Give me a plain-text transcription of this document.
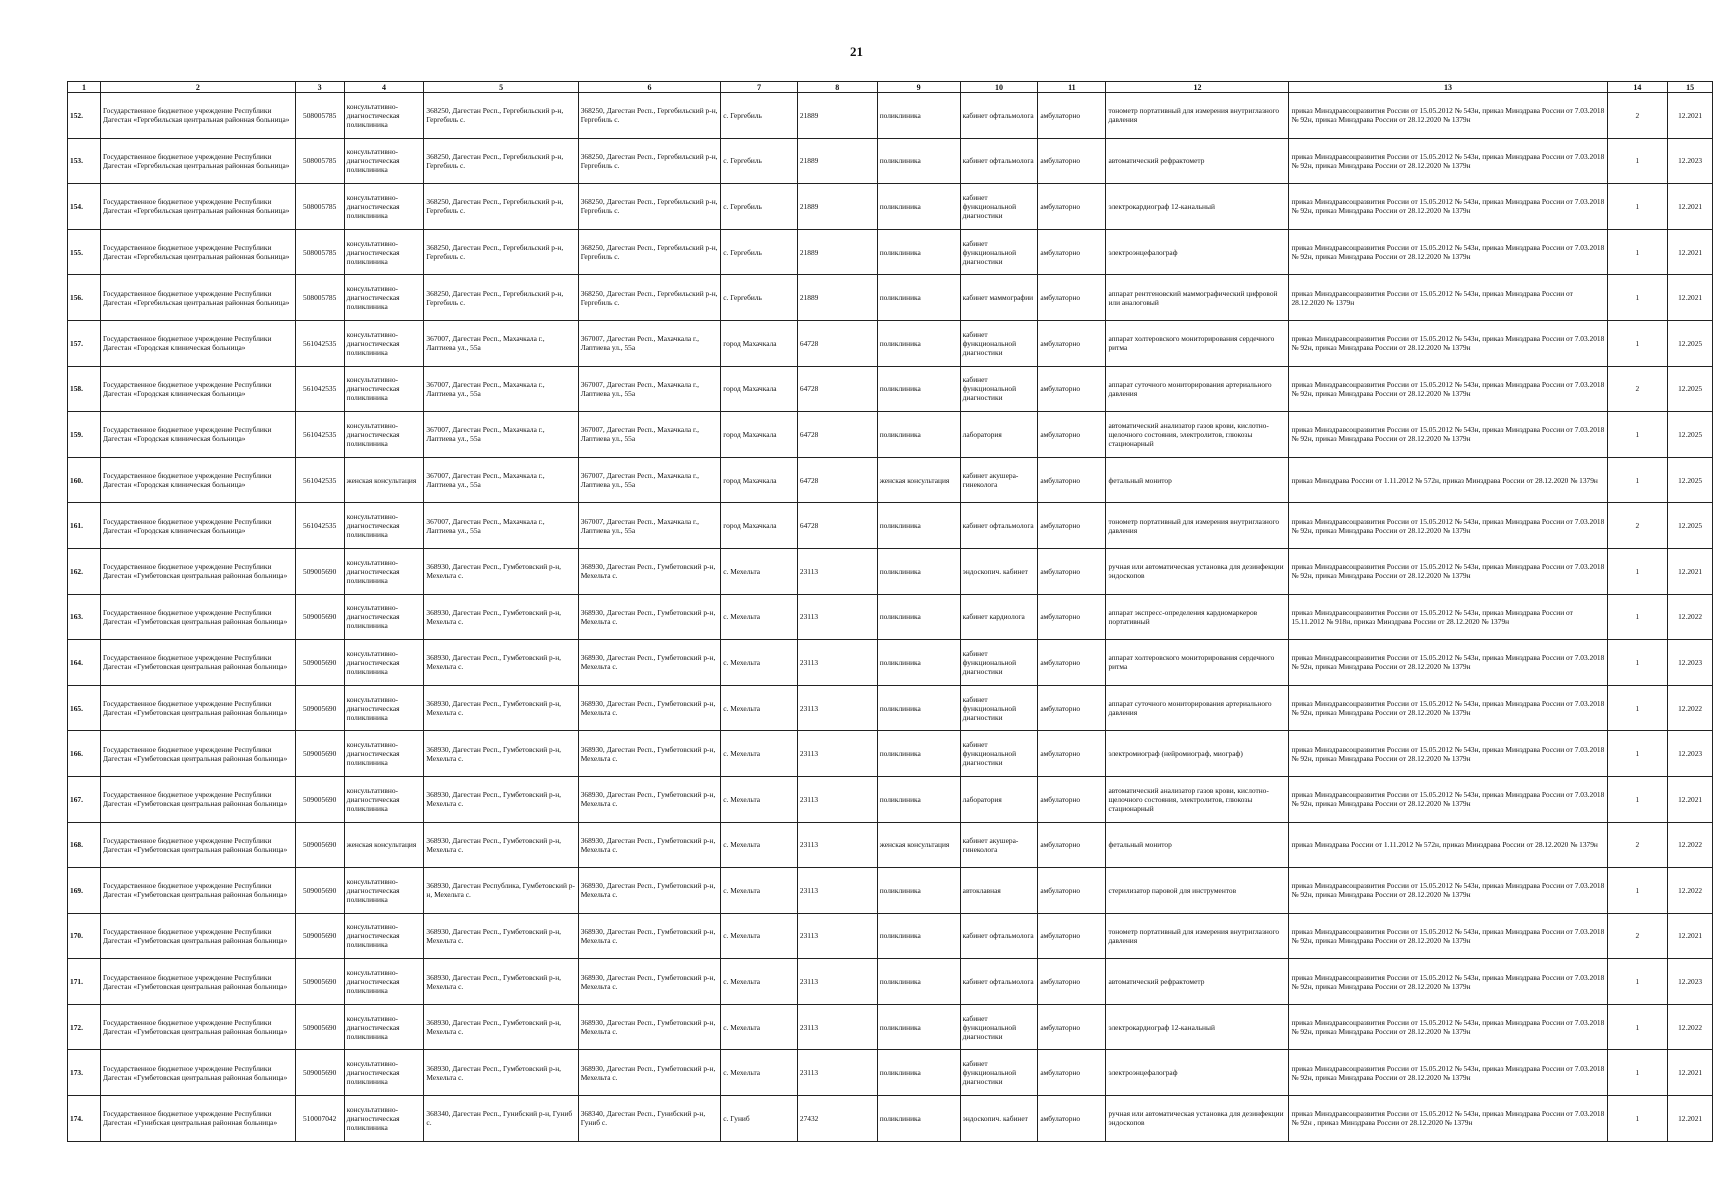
21
1	2	3	4	5	6	7	8	9	10	11	12	13	14	15
152.	Государственное бюджетное учреждение Республики Дагестан «Гергебильская центральная районная больница»	508005785	консультативно-диагностическая поликлиника	368250, Дагестан Респ., Гергебильский р-н, Гергебиль с.	368250, Дагестан Респ., Гергебильский р-н, Гергебиль с.	с. Гергебиль	21889	поликлиника	кабинет офтальмолога	амбулаторно	тонометр портативный для измерения внутриглазного давления	приказ Минздравсоцразвития России от 15.05.2012 № 543н, приказ Минздрава России от 7.03.2018 № 92н, приказ Минздрава России от 28.12.2020 № 1379н	2	12.2021
153.	Государственное бюджетное учреждение Республики Дагестан «Гергебильская центральная районная больница»	508005785	консультативно-диагностическая поликлиника	368250, Дагестан Респ., Гергебильский р-н, Гергебиль с.	368250, Дагестан Респ., Гергебильский р-н, Гергебиль с.	с. Гергебиль	21889	поликлиника	кабинет офтальмолога	амбулаторно	автоматический рефрактометр	приказ Минздравсоцразвития России от 15.05.2012 № 543н, приказ Минздрава России от 7.03.2018 № 92н, приказ Минздрава России от 28.12.2020 № 1379н	1	12.2023
154.	Государственное бюджетное учреждение Республики Дагестан «Гергебильская центральная районная больница»	508005785	консультативно-диагностическая поликлиника	368250, Дагестан Респ., Гергебильский р-н, Гергебиль с.	368250, Дагестан Респ., Гергебильский р-н, Гергебиль с.	с. Гергебиль	21889	поликлиника	кабинет функциональной диагностики	амбулаторно	электрокардиограф 12-канальный	приказ Минздравсоцразвития России от 15.05.2012 № 543н, приказ Минздрава России от 7.03.2018 № 92н, приказ Минздрава России от 28.12.2020 № 1379н	1	12.2021
155.	Государственное бюджетное учреждение Республики Дагестан «Гергебильская центральная районная больница»	508005785	консультативно-диагностическая поликлиника	368250, Дагестан Респ., Гергебильский р-н, Гергебиль с.	368250, Дагестан Респ., Гергебильский р-н, Гергебиль с.	с. Гергебиль	21889	поликлиника	кабинет функциональной диагностики	амбулаторно	электроэнцефалограф	приказ Минздравсоцразвития России от 15.05.2012 № 543н, приказ Минздрава России от 7.03.2018 № 92н, приказ Минздрава России от 28.12.2020 № 1379н	1	12.2021
156.	Государственное бюджетное учреждение Республики Дагестан «Гергебильская центральная районная больница»	508005785	консультативно-диагностическая поликлиника	368250, Дагестан Респ., Гергебильский р-н, Гергебиль с.	368250, Дагестан Респ., Гергебильский р-н, Гергебиль с.	с. Гергебиль	21889	поликлиника	кабинет маммографии	амбулаторно	аппарат рентгеновский маммографический цифровой или аналоговый	приказ Минздравсоцразвития России от 15.05.2012 № 543н, приказ Минздрава России от 28.12.2020 № 1379н	1	12.2021
157.	Государственное бюджетное учреждение Республики Дагестан «Городская клиническая больница»	561042535	консультативно-диагностическая поликлиника	367007, Дагестан Респ., Махачкала г., Лаптиева ул., 55а	367007, Дагестан Респ., Махачкала г., Лаптиева ул., 55а	город Махачкала	64728	поликлиника	кабинет функциональной диагностики	амбулаторно	аппарат холтеровского мониторирования сердечного ритма	приказ Минздравсоцразвития России от 15.05.2012 № 543н, приказ Минздрава России от 7.03.2018 № 92н, приказ Минздрава России от 28.12.2020 № 1379н	1	12.2025
158.	Государственное бюджетное учреждение Республики Дагестан «Городская клиническая больница»	561042535	консультативно-диагностическая поликлиника	367007, Дагестан Респ., Махачкала г., Лаптиева ул., 55а	367007, Дагестан Респ., Махачкала г., Лаптиева ул., 55а	город Махачкала	64728	поликлиника	кабинет функциональной диагностики	амбулаторно	аппарат суточного мониторирования артериального давления	приказ Минздравсоцразвития России от 15.05.2012 № 543н, приказ Минздрава России от 7.03.2018 № 92н, приказ Минздрава России от 28.12.2020 № 1379н	2	12.2025
159.	Государственное бюджетное учреждение Республики Дагестан «Городская клиническая больница»	561042535	консультативно-диагностическая поликлиника	367007, Дагестан Респ., Махачкала г., Лаптиева ул., 55а	367007, Дагестан Респ., Махачкала г., Лаптиева ул., 55а	город Махачкала	64728	поликлиника	лаборатория	амбулаторно	автоматический анализатор газов крови, кислотно-щелочного состояния, электролитов, глюкозы стационарный	приказ Минздравсоцразвития России от 15.05.2012 № 543н, приказ Минздрава России от 7.03.2018 № 92н, приказ Минздрава России от 28.12.2020 № 1379н	1	12.2025
160.	Государственное бюджетное учреждение Республики Дагестан «Городская клиническая больница»	561042535	женская консультация	367007, Дагестан Респ., Махачкала г., Лаптиева ул., 55а	367007, Дагестан Респ., Махачкала г., Лаптиева ул., 55а	город Махачкала	64728	женская консультация	кабинет акушера-гинеколога	амбулаторно	фетальный монитор	приказ Минздрава России от 1.11.2012 № 572н, приказ Минздрава России от 28.12.2020 № 1379н	1	12.2025
161.	Государственное бюджетное учреждение Республики Дагестан «Городская клиническая больница»	561042535	консультативно-диагностическая поликлиника	367007, Дагестан Респ., Махачкала г., Лаптиева ул., 55а	367007, Дагестан Респ., Махачкала г., Лаптиева ул., 55а	город Махачкала	64728	поликлиника	кабинет офтальмолога	амбулаторно	тонометр портативный для измерения внутриглазного давления	приказ Минздравсоцразвития России от 15.05.2012 № 543н, приказ Минздрава России от 7.03.2018 № 92н, приказ Минздрава России от 28.12.2020 № 1379н	2	12.2025
162.	Государственное бюджетное учреждение Республики Дагестан «Гумбетовская центральная районная больница»	509005690	консультативно-диагностическая поликлиника	368930, Дагестан Респ., Гумбетовский р-н, Мехельта с.	368930, Дагестан Респ., Гумбетовский р-н, Мехельта с.	с. Мехельта	23113	поликлиника	эндоскопич. кабинет	амбулаторно	ручная или автоматическая установка для дезинфекции эндоскопов	приказ Минздравсоцразвития России от 15.05.2012 № 543н, приказ Минздрава России от 7.03.2018 № 92н, приказ Минздрава России от 28.12.2020 № 1379н	1	12.2021
163.	Государственное бюджетное учреждение Республики Дагестан «Гумбетовская центральная районная больница»	509005690	консультативно-диагностическая поликлиника	368930, Дагестан Респ., Гумбетовский р-н, Мехельта с.	368930, Дагестан Респ., Гумбетовский р-н, Мехельта с.	с. Мехельта	23113	поликлиника	кабинет кардиолога	амбулаторно	аппарат экспресс-определения кардиомаркеров портативный	приказ Минздравсоцразвития России от 15.05.2012 № 543н, приказ Минздрава России от 15.11.2012 № 918н, приказ Минздрава России от 28.12.2020 № 1379н	1	12.2022
164.	Государственное бюджетное учреждение Республики Дагестан «Гумбетовская центральная районная больница»	509005690	консультативно-диагностическая поликлиника	368930, Дагестан Респ., Гумбетовский р-н, Мехельта с.	368930, Дагестан Респ., Гумбетовский р-н, Мехельта с.	с. Мехельта	23113	поликлиника	кабинет функциональной диагностики	амбулаторно	аппарат холтеровского мониторирования сердечного ритма	приказ Минздравсоцразвития России от 15.05.2012 № 543н, приказ Минздрава России от 7.03.2018 № 92н, приказ Минздрава России от 28.12.2020 № 1379н	1	12.2023
165.	Государственное бюджетное учреждение Республики Дагестан «Гумбетовская центральная районная больница»	509005690	консультативно-диагностическая поликлиника	368930, Дагестан Респ., Гумбетовский р-н, Мехельта с.	368930, Дагестан Респ., Гумбетовский р-н, Мехельта с.	с. Мехельта	23113	поликлиника	кабинет функциональной диагностики	амбулаторно	аппарат суточного мониторирования артериального давления	приказ Минздравсоцразвития России от 15.05.2012 № 543н, приказ Минздрава России от 7.03.2018 № 92н, приказ Минздрава России от 28.12.2020 № 1379н	1	12.2022
166.	Государственное бюджетное учреждение Республики Дагестан «Гумбетовская центральная районная больница»	509005690	консультативно-диагностическая поликлиника	368930, Дагестан Респ., Гумбетовский р-н, Мехельта с.	368930, Дагестан Респ., Гумбетовский р-н, Мехельта с.	с. Мехельта	23113	поликлиника	кабинет функциональной диагностики	амбулаторно	электромиограф (нейромиограф, миограф)	приказ Минздравсоцразвития России от 15.05.2012 № 543н, приказ Минздрава России от 7.03.2018 № 92н, приказ Минздрава России от 28.12.2020 № 1379н	1	12.2023
167.	Государственное бюджетное учреждение Республики Дагестан «Гумбетовская центральная районная больница»	509005690	консультативно-диагностическая поликлиника	368930, Дагестан Респ., Гумбетовский р-н, Мехельта с.	368930, Дагестан Респ., Гумбетовский р-н, Мехельта с.	с. Мехельта	23113	поликлиника	лаборатория	амбулаторно	автоматический анализатор газов крови, кислотно-щелочного состояния, электролитов, глюкозы стационарный	приказ Минздравсоцразвития России от 15.05.2012 № 543н, приказ Минздрава России от 7.03.2018 № 92н, приказ Минздрава России от 28.12.2020 № 1379н	1	12.2021
168.	Государственное бюджетное учреждение Республики Дагестан «Гумбетовская центральная районная больница»	509005690	женская консультация	368930, Дагестан Респ., Гумбетовский р-н, Мехельта с.	368930, Дагестан Респ., Гумбетовский р-н, Мехельта с.	с. Мехельта	23113	женская консультация	кабинет акушера-гинеколога	амбулаторно	фетальный монитор	приказ Минздрава России от 1.11.2012 № 572н, приказ Минздрава России от 28.12.2020 № 1379н	2	12.2022
169.	Государственное бюджетное учреждение Республики Дагестан «Гумбетовская центральная районная больница»	509005690	консультативно-диагностическая поликлиника	368930, Дагестан Республика, Гумбетовский р-н, Мехельта с.	368930, Дагестан Респ., Гумбетовский р-н, Мехельта с.	с. Мехельта	23113	поликлиника	автоклавная	амбулаторно	стерилизатор паровой для инструментов	приказ Минздравсоцразвития России от 15.05.2012 № 543н, приказ Минздрава России от 7.03.2018 № 92н, приказ Минздрава России от 28.12.2020 № 1379н	1	12.2022
170.	Государственное бюджетное учреждение Республики Дагестан «Гумбетовская центральная районная больница»	509005690	консультативно-диагностическая поликлиника	368930, Дагестан Респ., Гумбетовский р-н, Мехельта с.	368930, Дагестан Респ., Гумбетовский р-н, Мехельта с.	с. Мехельта	23113	поликлиника	кабинет офтальмолога	амбулаторно	тонометр портативный для измерения внутриглазного давления	приказ Минздравсоцразвития России от 15.05.2012 № 543н, приказ Минздрава России от 7.03.2018 № 92н, приказ Минздрава России от 28.12.2020 № 1379н	2	12.2021
171.	Государственное бюджетное учреждение Республики Дагестан «Гумбетовская центральная районная больница»	509005690	консультативно-диагностическая поликлиника	368930, Дагестан Респ., Гумбетовский р-н, Мехельта с.	368930, Дагестан Респ., Гумбетовский р-н, Мехельта с.	с. Мехельта	23113	поликлиника	кабинет офтальмолога	амбулаторно	автоматический рефрактометр	приказ Минздравсоцразвития России от 15.05.2012 № 543н, приказ Минздрава России от 7.03.2018 № 92н, приказ Минздрава России от 28.12.2020 № 1379н	1	12.2023
172.	Государственное бюджетное учреждение Республики Дагестан «Гумбетовская центральная районная больница»	509005690	консультативно-диагностическая поликлиника	368930, Дагестан Респ., Гумбетовский р-н, Мехельта с.	368930, Дагестан Респ., Гумбетовский р-н, Мехельта с.	с. Мехельта	23113	поликлиника	кабинет функциональной диагностики	амбулаторно	электрокардиограф 12-канальный	приказ Минздравсоцразвития России от 15.05.2012 № 543н, приказ Минздрава России от 7.03.2018 № 92н, приказ Минздрава России от 28.12.2020 № 1379н	1	12.2022
173.	Государственное бюджетное учреждение Республики Дагестан «Гумбетовская центральная районная больница»	509005690	консультативно-диагностическая поликлиника	368930, Дагестан Респ., Гумбетовский р-н, Мехельта с.	368930, Дагестан Респ., Гумбетовский р-н, Мехельта с.	с. Мехельта	23113	поликлиника	кабинет функциональной диагностики	амбулаторно	электроэнцефалограф	приказ Минздравсоцразвития России от 15.05.2012 № 543н, приказ Минздрава России от 7.03.2018 № 92н, приказ Минздрава России от 28.12.2020 № 1379н	1	12.2021
174.	Государственное бюджетное учреждение Республики Дагестан «Гунибская центральная районная больница»	510007042	консультативно-диагностическая поликлиника	368340, Дагестан Респ., Гунибский р-н, Гуниб с.	368340, Дагестан Респ., Гунибский р-н, Гуниб с.	с. Гуниб	27432	поликлиника	эндоскопич. кабинет	амбулаторно	ручная или автоматическая установка для дезинфекции эндоскопов	приказ Минздравсоцразвития России от 15.05.2012 № 543н, приказ Минздрава России от 7.03.2018 № 92н , приказ Минздрава России от 28.12.2020 № 1379н	1	12.2021
